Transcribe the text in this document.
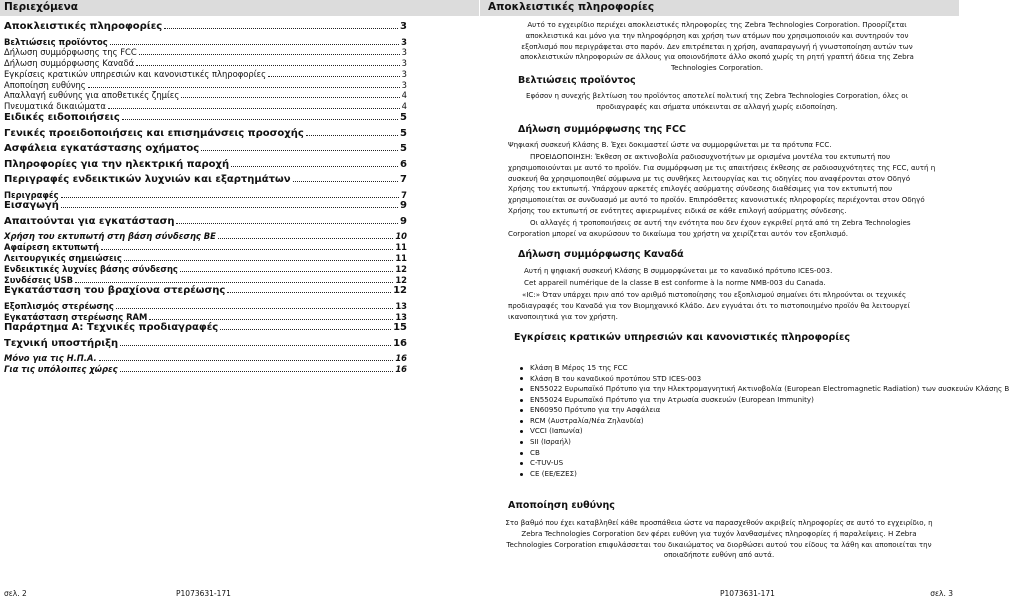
Περιεχόμενα
Αποκλειστικές πληροφορίες	3
Βελτιώσεις προϊόντος	3
Δήλωση συμμόρφωσης της FCC	3
Δήλωση συμμόρφωσης Καναδά	3
Εγκρίσεις κρατικών υπηρεσιών και κανονιστικές πληροφορίες	3
Αποποίηση ευθύνης	3
Απαλλαγή ευθύνης για αποθετικές ζημίες	4
Πνευματικά δικαιώματα	4
Ειδικές ειδοποιήσεις	5
Γενικές προειδοποιήσεις και επισημάνσεις προσοχής	5
Ασφάλεια εγκατάστασης οχήματος	5
Πληροφορίες για την ηλεκτρική παροχή	6
Περιγραφές ενδεικτικών λυχνιών και εξαρτημάτων	7
Περιγραφές	7
Εισαγωγή	9
Απαιτούνται για εγκατάσταση	9
Χρήση του εκτυπωτή στη βάση σύνδεσης BE	10
Αφαίρεση εκτυπωτή	11
Λειτουργικές σημειώσεις	11
Ενδεικτικές λυχνίες βάσης σύνδεσης	12
Συνδέσεις USB	12
Εγκατάσταση του βραχίονα στερέωσης	12
Εξοπλισμός στερέωσης	13
Εγκατάσταση στερέωσης RAM	13
Παράρτημα Α: Τεχνικές προδιαγραφές	15
Τεχνική υποστήριξη	16
Μόνο για τις Η.Π.Α.	16
Για τις υπόλοιπες χώρες	16
σελ. 2	P1073631-171
Αποκλειστικές πληροφορίες
Αυτό το εγχειρίδιο περιέχει αποκλειστικές πληροφορίες της Zebra Technologies Corporation. Προορίζεται αποκλειστικά και μόνο για την πληροφόρηση και χρήση των ατόμων που χρησιμοποιούν και συντηρούν τον εξοπλισμό που περιγράφεται στο παρόν. Δεν επιτρέπεται η χρήση, αναπαραγωγή ή γνωστοποίηση αυτών των αποκλειστικών πληροφοριών σε άλλους για οποιονδήποτε άλλο σκοπό χωρίς τη ρητή γραπτή άδεια της Zebra Technologies Corporation.
Βελτιώσεις προϊόντος
Εφόσον η συνεχής βελτίωση του προϊόντος αποτελεί πολιτική της Zebra Technologies Corporation, όλες οι προδιαγραφές και σήματα υπόκεινται σε αλλαγή χωρίς ειδοποίηση.
Δήλωση συμμόρφωσης της FCC
Ψηφιακή συσκευή Κλάσης B. Έχει δοκιμαστεί ώστε να συμμορφώνεται με τα πρότυπα FCC.
ΠΡΟΕΙΔΟΠΟΙΗΣΗ: Έκθεση σε ακτινοβολία ραδιοσυχνοτήτων με ορισμένα μοντέλα του εκτυπωτή που χρησιμοποιούνται με αυτό το προϊόν. Για συμμόρφωση με τις απαιτήσεις έκθεσης σε ραδιοσυχνότητες της FCC, αυτή η συσκευή θα χρησιμοποιηθεί σύμφωνα με τις συνθήκες λειτουργίας και τις οδηγίες που αναφέρονται στον Οδηγό Χρήσης του εκτυπωτή. Υπάρχουν αρκετές επιλογές ασύρματης σύνδεσης διαθέσιμες για τον εκτυπωτή που χρησιμοποιείται σε συνδυασμό με αυτό το προϊόν. Επιπρόσθετες κανονιστικές πληροφορίες περιέχονται στον Οδηγό Χρήσης του εκτυπωτή σε ενότητες αφιερωμένες ειδικά σε κάθε επιλογή ασύρματης σύνδεσης.
Οι αλλαγές ή τροποποιήσεις σε αυτή την ενότητα που δεν έχουν εγκριθεί ρητά από τη Zebra Technologies Corporation μπορεί να ακυρώσουν το δικαίωμα του χρήστη να χειρίζεται αυτόν τον εξοπλισμό.
Δήλωση συμμόρφωσης Καναδά
Αυτή η ψηφιακή συσκευή Κλάσης B συμμορφώνεται με το καναδικό πρότυπο ICES-003.
Cet appareil numérique de la classe B est conforme à la norme NMB-003 du Canada.
«IC:» Όταν υπάρχει πριν από τον αριθμό πιστοποίησης του εξοπλισμού σημαίνει ότι πληρούνται οι τεχνικές προδιαγραφές του Καναδά για τον Βιομηχανικό Κλάδο. Δεν εγγυάται ότι το πιστοποιημένο προϊόν θα λειτουργεί ικανοποιητικά για τον χρήστη.
Εγκρίσεις κρατικών υπηρεσιών και κανονιστικές πληροφορίες
Κλάση B Μέρος 15 της FCC
Κλάση B του καναδικού προτύπου STD ICES-003
EN55022 Ευρωπαϊκό Πρότυπο για την Ηλεκτρομαγνητική Ακτινοβολία (European Electromagnetic Radiation) των συσκευών Κλάσης B
EN55024 Ευρωπαϊκό Πρότυπο για την Ατρωσία συσκευών (European Immunity)
EN60950 Πρότυπο για την Ασφάλεια
RCM (Αυστραλία/Νέα Ζηλανδία)
VCCI (Ιαπωνία)
SII (Ισραήλ)
CB
C-TUV-US
CE (ΕΕ/ΕΖΕΣ)
Αποποίηση ευθύνης
Στο βαθμό που έχει καταβληθεί κάθε προσπάθεια ώστε να παρασχεθούν ακριβείς πληροφορίες σε αυτό το εγχειρίδιο, η Zebra Technologies Corporation δεν φέρει ευθύνη για τυχόν λανθασμένες πληροφορίες ή παραλείψεις. Η Zebra Technologies Corporation επιφυλάσσεται του δικαιώματος να διορθώσει αυτού του είδους τα λάθη και αποποιείται την οποιαδήποτε ευθύνη από αυτά.
P1073631-171	σελ. 3
